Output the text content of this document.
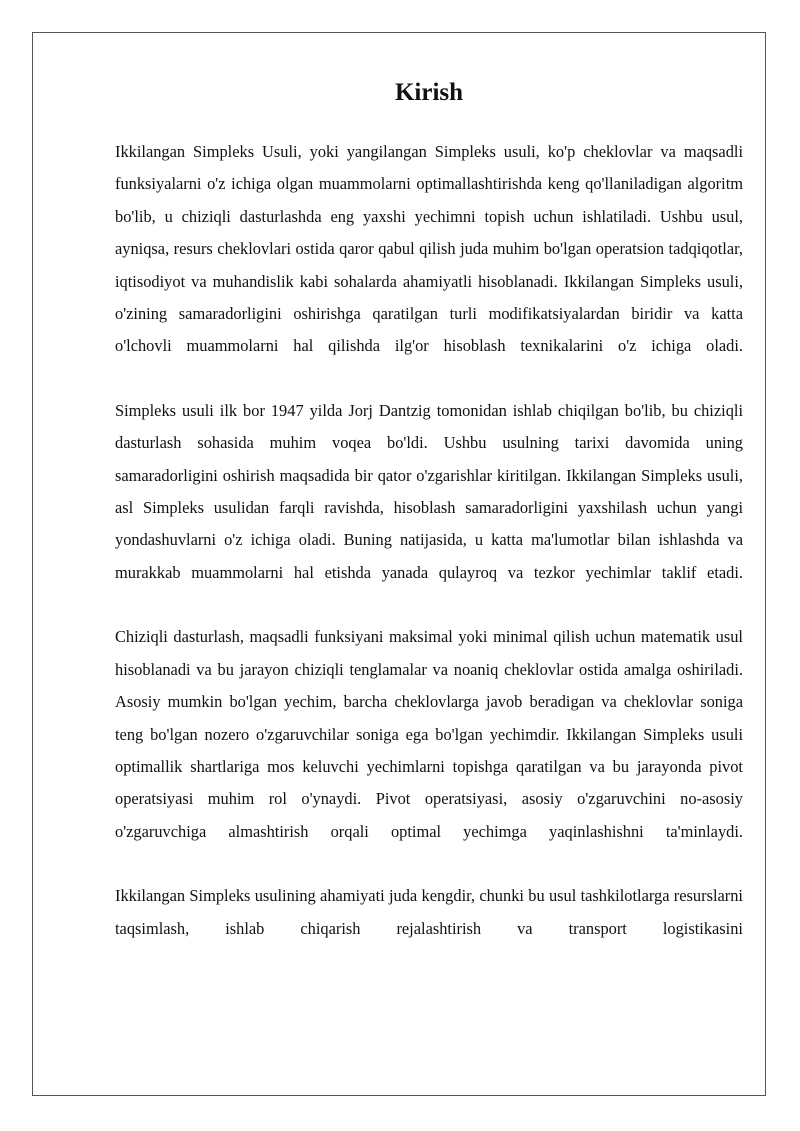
Kirish

Ikkilangan Simpleks Usuli, yoki yangilangan Simpleks usuli, ko'p cheklovlar va maqsadli funksiyalarni o'z ichiga olgan muammolarni optimallashtirishda keng qo'llaniladigan algoritm bo'lib, u chiziqli dasturlashda eng yaxshi yechimni topish uchun ishlatiladi. Ushbu usul, ayniqsa, resurs cheklovlari ostida qaror qabul qilish juda muhim bo'lgan operatsion tadqiqotlar, iqtisodiyot va muhandislik kabi sohalarda ahamiyatli hisoblanadi. Ikkilangan Simpleks usuli, o'zining samaradorligini oshirishga qaratilgan turli modifikatsiyalardan biridir va katta o'lchovli muammolarni hal qilishda ilg'or hisoblash texnikalarini o'z ichiga oladi.

Simpleks usuli ilk bor 1947 yilda Jorj Dantzig tomonidan ishlab chiqilgan bo'lib, bu chiziqli dasturlash sohasida muhim voqea bo'ldi. Ushbu usulning tarixi davomida uning samaradorligini oshirish maqsadida bir qator o'zgarishlar kiritilgan. Ikkilangan Simpleks usuli, asl Simpleks usulidan farqli ravishda, hisoblash samaradorligini yaxshilash uchun yangi yondashuvlarni o'z ichiga oladi. Buning natijasida, u katta ma'lumotlar bilan ishlashda va murakkab muammolarni hal etishda yanada qulayroq va tezkor yechimlar taklif etadi.

Chiziqli dasturlash, maqsadli funksiyani maksimal yoki minimal qilish uchun matematik usul hisoblanadi va bu jarayon chiziqli tenglamalar va noaniq cheklovlar ostida amalga oshiriladi. Asosiy mumkin bo'lgan yechim, barcha cheklovlarga javob beradigan va cheklovlar soniga teng bo'lgan nozero o'zgaruvchilar soniga ega bo'lgan yechimdir. Ikkilangan Simpleks usuli optimallik shartlariga mos keluvchi yechimlarni topishga qaratilgan va bu jarayonda pivot operatsiyasi muhim rol o'ynaydi. Pivot operatsiyasi, asosiy o'zgaruvchini no-asosiy o'zgaruvchiga almashtirish orqali optimal yechimga yaqinlashishni ta'minlaydi.

Ikkilangan Simpleks usulining ahamiyati juda kengdir, chunki bu usul tashkilotlarga resurslarni taqsimlash, ishlab chiqarish rejalashtirish va transport logistikasini
